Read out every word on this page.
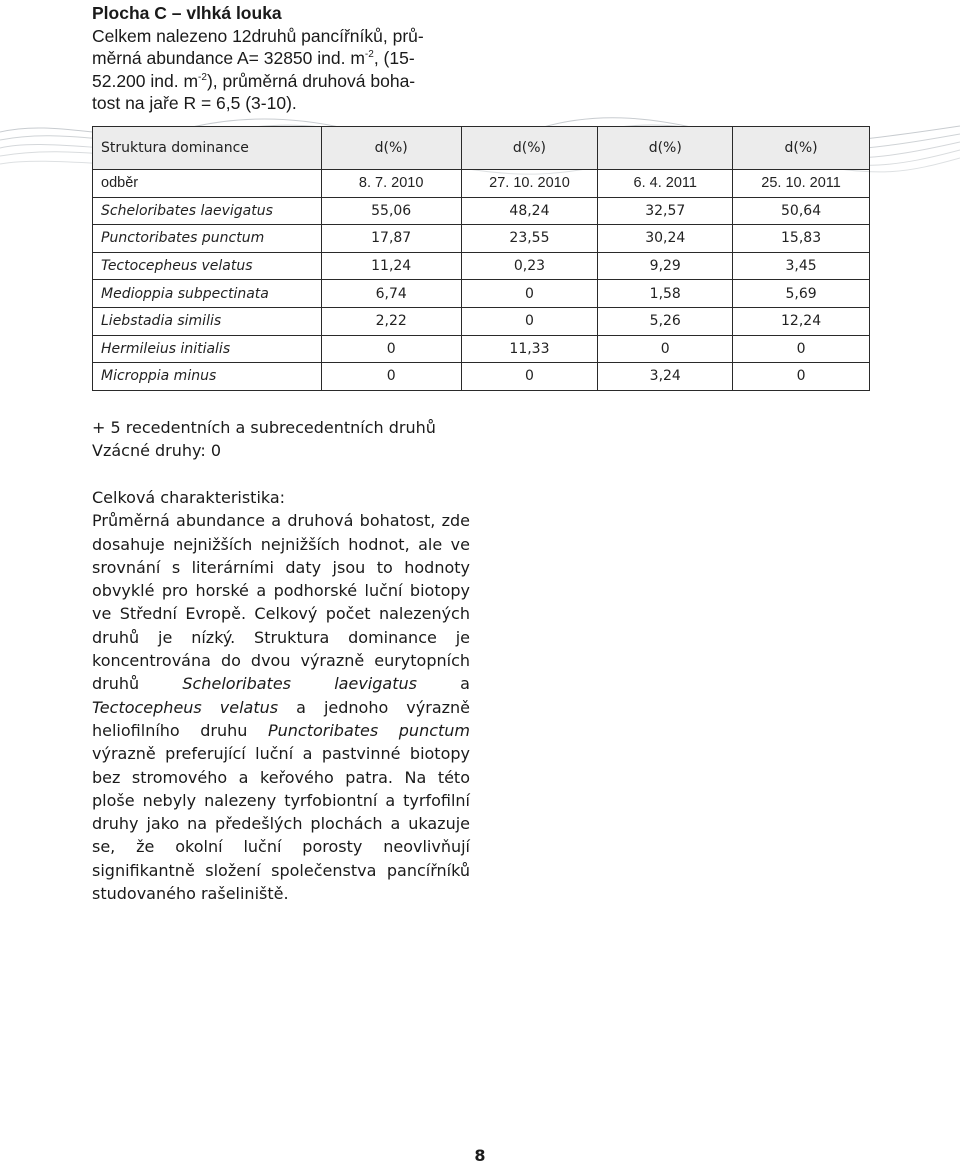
Plocha C – vlhká louka
Celkem nalezeno 12druhů pancířníků, prů-
měrná abundance A= 32850 ind. $m^{-2}$, (15-
52.200 ind. $m^{-2}$), průměrná druhová boha-
tost na jaře R = 6,5 (3-10).
Struktura dominance	d(%)	d(%)	d(%)	d(%)
odběr	8. 7. 2010	27. 10. 2010	6. 4. 2011	25. 10. 2011
Scheloribates laevigatus	55,06	48,24	32,57	50,64
Punctoribates punctum	17,87	23,55	30,24	15,83
Tectocepheus velatus	11,24	0,23	9,29	3,45
Medioppia subpectinata	6,74	0	1,58	5,69
Liebstadia similis	2,22	0	5,26	12,24
Hermileius initialis	0	11,33	0	0
Microppia minus	0	0	3,24	0
+ 5 recedentních a subrecedentních druhů
Vzácné druhy: 0
Celková charakteristika:

Průměrná abundance a druhová bohatost, zde dosahuje nejnižších nejnižších hodnot, ale ve srovnání s literárními daty jsou to hodnoty obvyklé pro horské a podhorské luční biotopy ve Střední Evropě. Celkový počet nalezených druhů je nízký. Struktura dominance je koncentrována do dvou výrazně eurytopních druhů Scheloribates laevigatus a Tectocepheus velatus a jednoho výrazně heliofilního druhu Punctoribates punctum výrazně preferující luční a pastvinné biotopy bez stromového a keřového patra. Na této ploše nebyly nalezeny tyrfobiontní a tyrfofilní druhy jako na předešlých plochách a ukazuje se, že okolní luční porosty neovlivňují signifikantně složení společenstva pancířníků studovaného rašeliniště.

8
